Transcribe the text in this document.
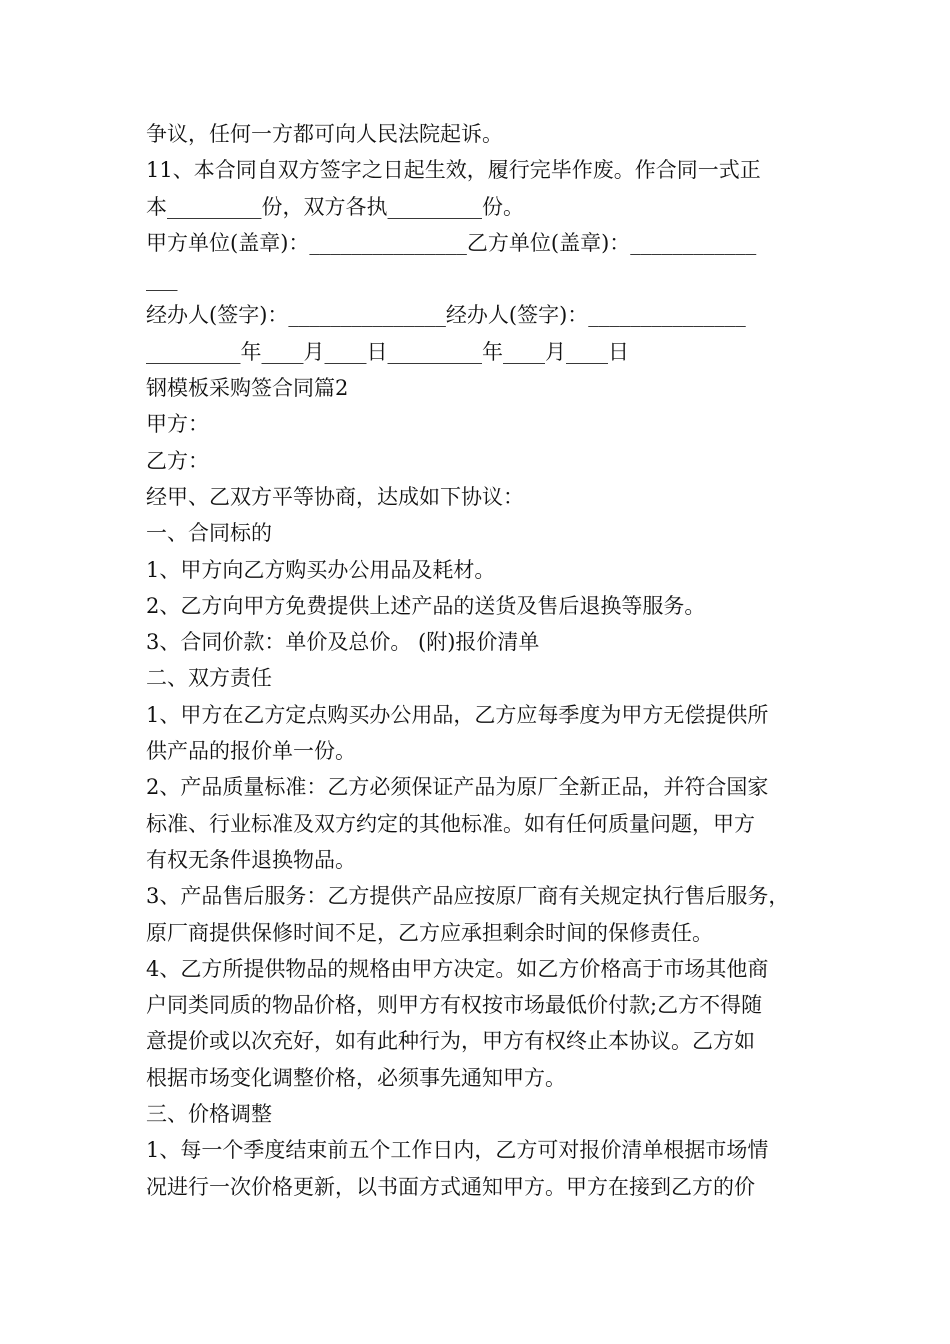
争议，任何一方都可向人民法院起诉。

11、本合同自双方签字之日起生效，履行完毕作废。作合同一式正

本_________份，双方各执_________份。

甲方单位(盖章)：_______________乙方单位(盖章)：____________

___

经办人(签字)：_______________经办人(签字)：_______________

_________年____月____日_________年____月____日

钢模板采购签合同篇2

甲方：

乙方：

经甲、乙双方平等协商，达成如下协议：

一、合同标的

1、甲方向乙方购买办公用品及耗材。

2、乙方向甲方免费提供上述产品的送货及售后退换等服务。

3、合同价款：单价及总价。 (附)报价清单

二、双方责任

1、甲方在乙方定点购买办公用品，乙方应每季度为甲方无偿提供所

供产品的报价单一份。

2、产品质量标准：乙方必须保证产品为原厂全新正品，并符合国家

标准、行业标准及双方约定的其他标准。如有任何质量问题，甲方

有权无条件退换物品。

3、产品售后服务：乙方提供产品应按原厂商有关规定执行售后服务，

原厂商提供保修时间不足，乙方应承担剩余时间的保修责任。

4、乙方所提供物品的规格由甲方决定。如乙方价格高于市场其他商

户同类同质的物品价格，则甲方有权按市场最低价付款;乙方不得随

意提价或以次充好，如有此种行为，甲方有权终止本协议。乙方如

根据市场变化调整价格，必须事先通知甲方。

三、价格调整

1、每一个季度结束前五个工作日内，乙方可对报价清单根据市场情

况进行一次价格更新，以书面方式通知甲方。甲方在接到乙方的价
